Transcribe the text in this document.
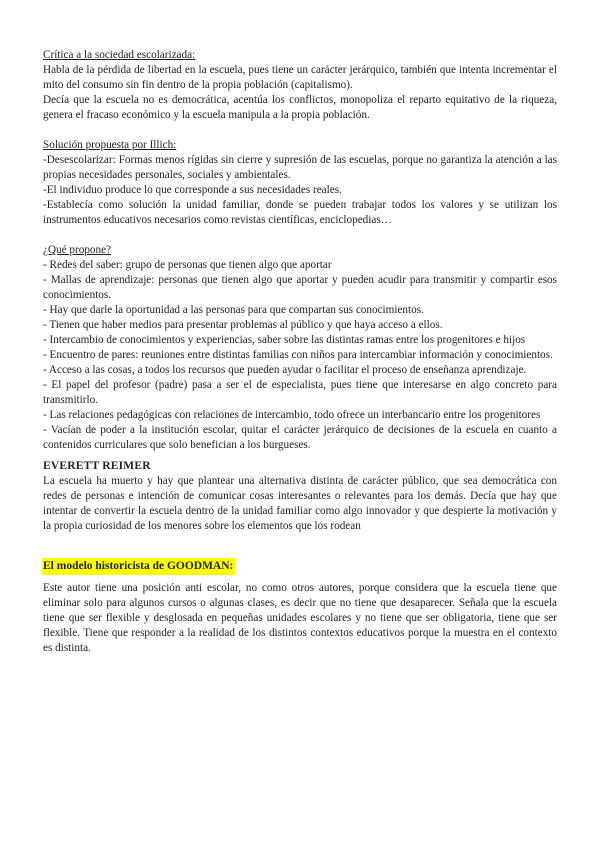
Crítica a la sociedad escolarizada:

Habla de la pérdida de libertad en la escuela, pues tiene un carácter jerárquico, también que intenta incrementar el mito del consumo sin fin dentro de la propia población (capitalismo).

Decía que la escuela no es democrática, acentúa los conflictos, monopoliza el reparto equitativo de la riqueza, genera el fracaso económico y la escuela manipula a la propia población.

Solución propuesta por Illich:

-Desescolarizar: Formas menos rígidas sin cierre y supresión de las escuelas, porque no garantiza la atención a las propias necesidades personales, sociales y ambientales.

-El individuo produce lo que corresponde a sus necesidades reales.

-Establecía como solución la unidad familiar, donde se pueden trabajar todos los valores y se utilizan los instrumentos educativos necesarios como revistas científicas, enciclopedias…

¿Qué propone?

- Redes del saber: grupo de personas que tienen algo que aportar

- Mallas de aprendizaje: personas que tienen algo que aportar y pueden acudir para transmitir y compartir esos conocimientos.

- Hay que darle la oportunidad a las personas para que compartan sus conocimientos.

- Tienen que haber medios para presentar problemas al público y que haya acceso a ellos.

- Intercambio de conocimientos y experiencias, saber sobre las distintas ramas entre los progenitores e hijos

- Encuentro de pares: reuniones entre distintas familias con niños para intercambiar información y conocimientos.

- Acceso a las cosas, a todos los recursos que pueden ayudar o facilitar el proceso de enseñanza aprendizaje.

- El papel del profesor (padre) pasa a ser el de especialista, pues tiene que interesarse en algo concreto para transmitirlo.

- Las relaciones pedagógicas con relaciones de intercambio, todo ofrece un interbancario entre los progenitores

- Vacían de poder a la institución escolar, quitar el carácter jerárquico de decisiones de la escuela en cuanto a contenidos curriculares que solo benefician a los burgueses.

EVERETT REIMER

La escuela ha muerto y hay que plantear una alternativa distinta de carácter público, que sea democrática con redes de personas e intención de comunicar cosas interesantes o relevantes para los demás. Decía que hay que intentar de convertir la escuela dentro de la unidad familiar como algo innovador y que despierte la motivación y la propia curiosidad de los menores sobre los elementos que los rodean

El modelo historicista de GOODMAN:

Este autor tiene una posición anti escolar, no como otros autores, porque considera que la escuela tiene que eliminar solo para algunos cursos o algunas clases, es decir que no tiene que desaparecer. Señala que la escuela tiene que ser flexible y desglosada en pequeñas unidades escolares y no tiene que ser obligatoria, tiene que ser flexible. Tiene que responder a la realidad de los distintos contextos educativos porque la muestra en el contexto es distinta.
